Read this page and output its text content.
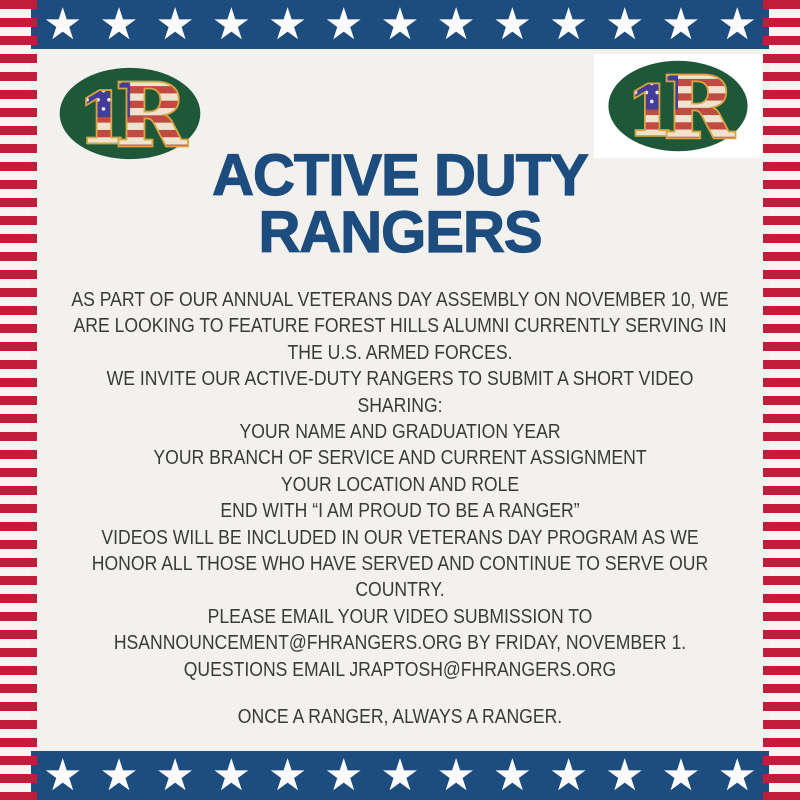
★ ★ ★ ★ ★ ★ ★ ★ ★ ★ ★ ★ ★
★ ★ ★ ★ ★ ★ ★ ★ ★ ★ ★ ★ ★
1
R	1
R
ACTIVE DUTY RANGERS
AS PART OF OUR ANNUAL VETERANS DAY ASSEMBLY ON NOVEMBER 10, WE
ARE LOOKING TO FEATURE FOREST HILLS ALUMNI CURRENTLY SERVING IN
THE U.S. ARMED FORCES.
WE INVITE OUR ACTIVE-DUTY RANGERS TO SUBMIT A SHORT VIDEO
SHARING:
YOUR NAME AND GRADUATION YEAR
YOUR BRANCH OF SERVICE AND CURRENT ASSIGNMENT
YOUR LOCATION AND ROLE
END WITH “I AM PROUD TO BE A RANGER”
VIDEOS WILL BE INCLUDED IN OUR VETERANS DAY PROGRAM AS WE
HONOR ALL THOSE WHO HAVE SERVED AND CONTINUE TO SERVE OUR
COUNTRY.
PLEASE EMAIL YOUR VIDEO SUBMISSION TO
HSANNOUNCEMENT@FHRANGERS.ORG BY FRIDAY, NOVEMBER 1.
QUESTIONS EMAIL JRAPTOSH@FHRANGERS.ORG
ONCE A RANGER, ALWAYS A RANGER.
